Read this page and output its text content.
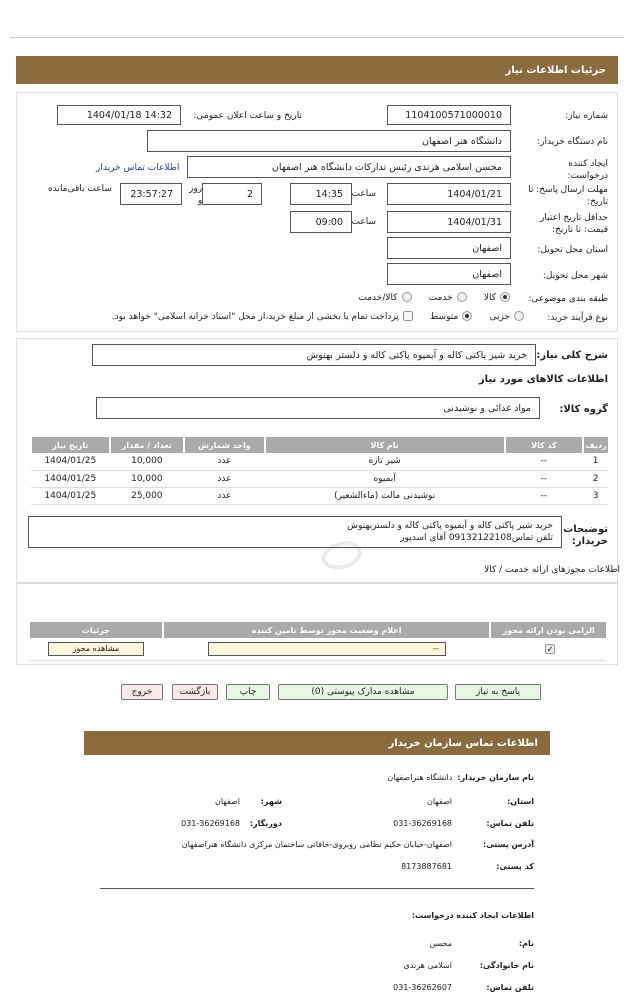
جزئیات اطلاعات نیاز
شماره نیاز:
1104100571000010
تاریخ و ساعت اعلان عمومی:
1404/01/18 14:32
نام دستگاه خریدار:
دانشگاه هنر اصفهان
ایجاد کننده درخواست:
محسن اسلامی هرندی رئیس تداركات دانشگاه هنر اصفهان
اطلاعات تماس خریدار
مهلت ارسال پاسخ: تا تاریخ:
1404/01/21
ساعت
14:35
2
روز
و
23:57:27
ساعت باقی‌مانده
حداقل تاریخ اعتبار قیمت: تا تاریخ:
1404/01/31
ساعت
09:00
استان محل تحویل:
اصفهان
شهر محل تحویل:
اصفهان
طبقه بندی موضوعی:
کالا      خدمت      کالا/خدمت
نوع فرآیند خرید:
جزیی      متوسط      پرداخت تمام یا بخشی از مبلغ خرید،از محل "اسناد خزانه اسلامی" خواهد بود.
شرح کلی نیاز:
خرید شیر پاکتی کاله و آبمیوه پاکتی کاله و دلستر بهنوش
اطلاعات کالاهای مورد نیاز
گروه کالا:
مواد غذائی و نوشیدنی
ردیف	کد کالا	نام کالا	واحد شمارش	تعداد / مقدار	تاریخ نیاز
1	--	شیر تازه	عدد	10,000	1404/01/25
2	--	آبمیوه	عدد	10,000	1404/01/25
3	--	نوشیدنی مالت (ماءالشعیر)	عدد	25,000	1404/01/25
توضیحات خریدار:
خرید شیر پاکتی کاله و آبمیوه پاکتی کاله و دلستربهنوش
تلفن تماس09132122108 آقای اسدپور
اطلاعات مجوزهای ارائه خدمت / کالا
الزامی بودن ارائه مجوز	اعلام وضعیت مجوز توسط تامین کننده	جزئیات
✓	--	مشاهده مجوز
⬭
پاسخ به نیاز
مشاهده مدارک پیوستی (0)
چاپ
بازگشت
خروج
اطلاعات تماس سازمان خریدار
نام سازمان خریدار:  دانشگاه هنراصفهان
استان:
اصفهان
شهر:
اصفهان
تلفن تماس:
031-36269168
دورنگار:
031-36269168
آدرس پستی:
اصفهان-خیابان حکیم نظامی روبروی-خاقانی ساختمان مرکزی دانشگاه هنراصفهان
کد پستی:
8173887681
اطلاعات ایجاد کننده درخواست:
نام:
محسن
نام خانوادگی:
اسلامی هرندی
تلفن تماس:
031-36262607
